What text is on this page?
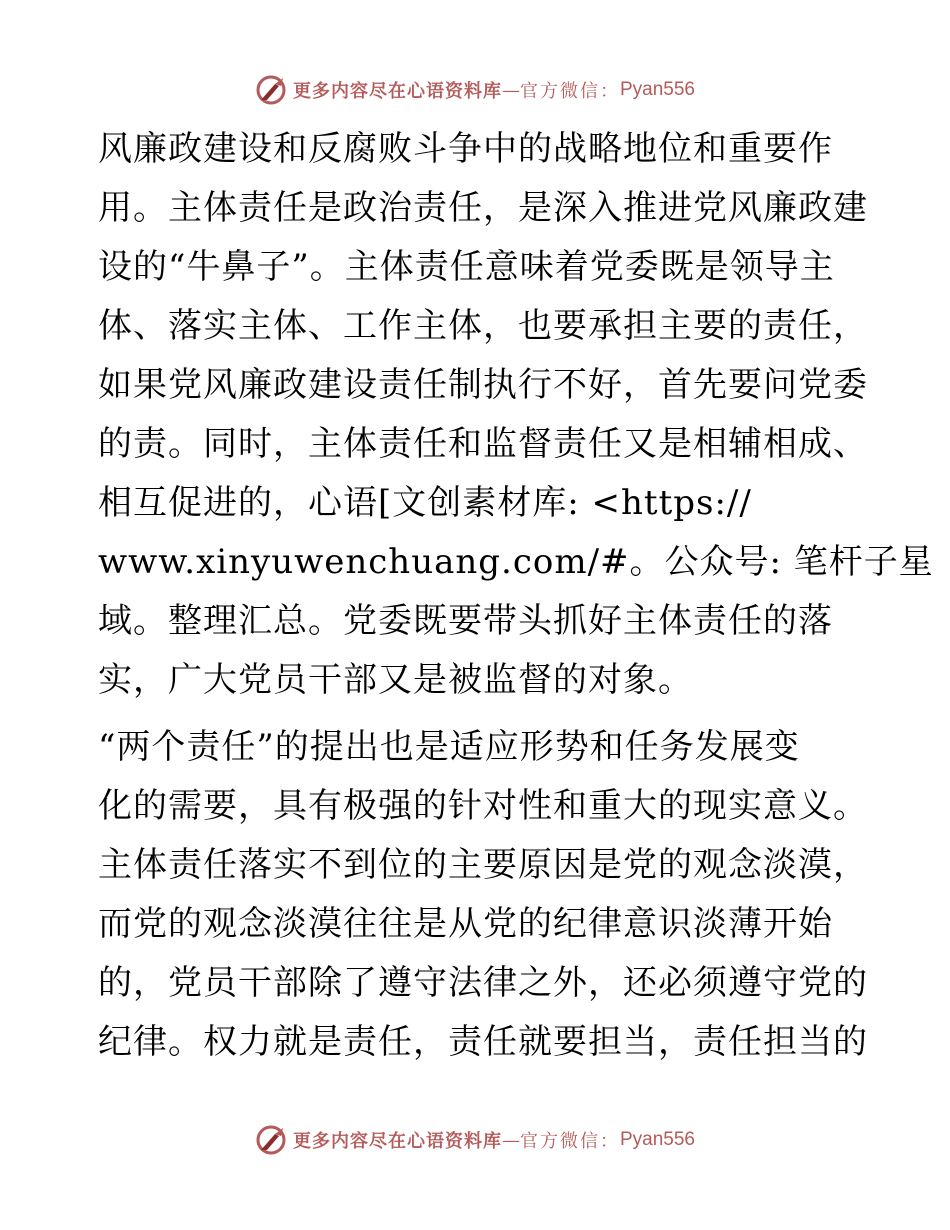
更多内容尽在心语资料库 — 官方微信： Pyan556
风廉政建设和反腐败斗争中的战略地位和重要作
用。主体责任是政治责任，是深入推进党风廉政建
设的“牛鼻子”。主体责任意味着党委既是领导主
体、落实主体、工作主体，也要承担主要的责任，
如果党风廉政建设责任制执行不好，首先要问党委
的责。同时，主体责任和监督责任又是相辅相成、
相互促进的，心语[文创素材库: <https://
www.xinyuwenchuang.com/#。公众号: 笔杆子星
域。整理汇总。党委既要带头抓好主体责任的落
实，广大党员干部又是被监督的对象。
“两个责任”的提出也是适应形势和任务发展变
化的需要，具有极强的针对性和重大的现实意义。
主体责任落实不到位的主要原因是党的观念淡漠，
而党的观念淡漠往往是从党的纪律意识淡薄开始
的，党员干部除了遵守法律之外，还必须遵守党的
纪律。权力就是责任，责任就要担当，责任担当的
更多内容尽在心语资料库 — 官方微信： Pyan556
